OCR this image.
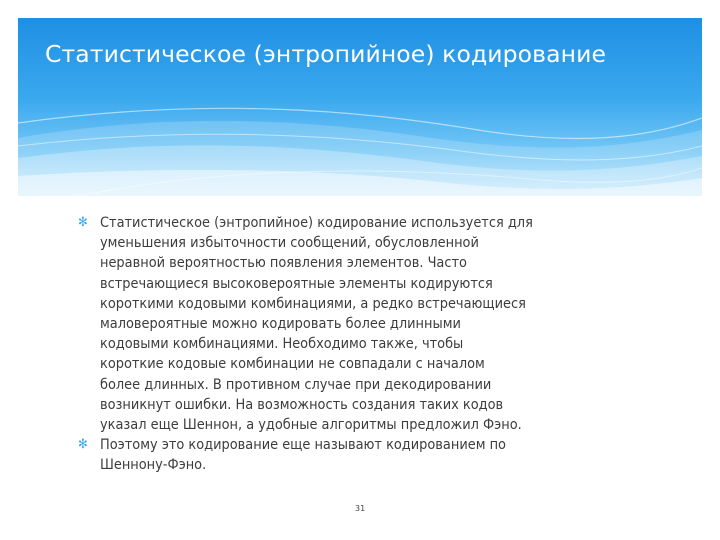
Статистическое (энтропийное) кодирование
✻ Статистическое (энтропийное) кодирование используется для
уменьшения избыточности сообщений, обусловленной
неравной вероятностью появления элементов. Часто
встречающиеся высоковероятные элементы кодируются
короткими кодовыми комбинациями, а редко встречающиеся
маловероятные можно кодировать более длинными
кодовыми комбинациями. Необходимо также, чтобы
короткие кодовые комбинации не совпадали с началом
более длинных. В противном случае при декодировании
возникнут ошибки. На возможность создания таких кодов
указал еще Шеннон, а удобные алгоритмы предложил Фэно.
✻ Поэтому это кодирование еще называют кодированием по
Шеннону-Фэно.
31
